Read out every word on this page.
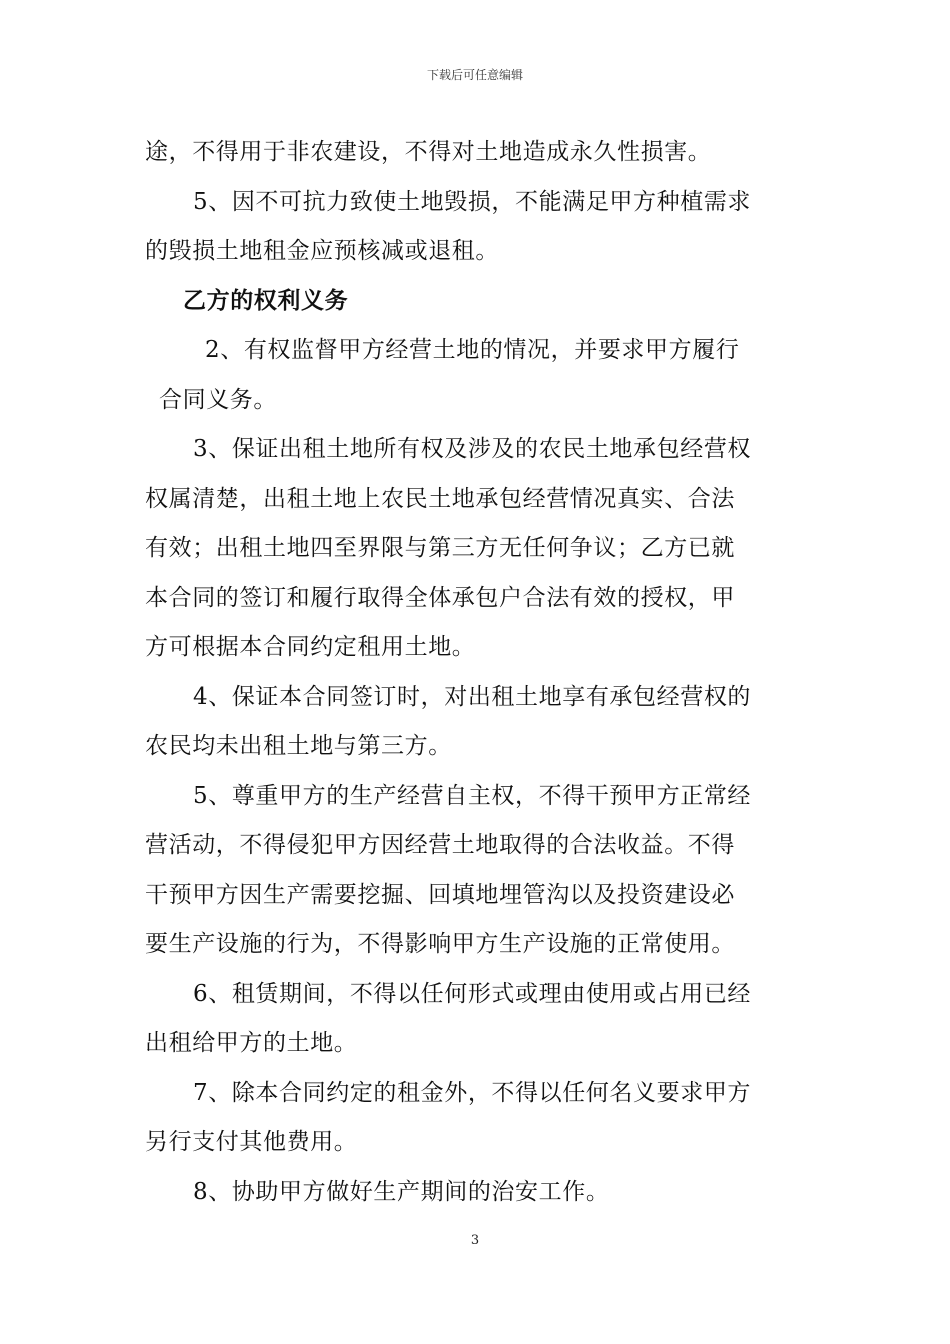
下载后可任意编辑
途，不得用于非农建设，不得对土地造成永久性损害。
5、因不可抗力致使土地毁损，不能满足甲方种植需求
的毁损土地租金应预核减或退租。
乙方的权利义务
2、有权监督甲方经营土地的情况，并要求甲方履行
合同义务。
3、保证出租土地所有权及涉及的农民土地承包经营权
权属清楚，出租土地上农民土地承包经营情况真实、合法
有效；出租土地四至界限与第三方无任何争议；乙方已就
本合同的签订和履行取得全体承包户合法有效的授权，甲
方可根据本合同约定租用土地。
4、保证本合同签订时，对出租土地享有承包经营权的
农民均未出租土地与第三方。
5、尊重甲方的生产经营自主权，不得干预甲方正常经
营活动，不得侵犯甲方因经营土地取得的合法收益。不得
干预甲方因生产需要挖掘、回填地埋管沟以及投资建设必
要生产设施的行为，不得影响甲方生产设施的正常使用。
6、租赁期间，不得以任何形式或理由使用或占用已经
出租给甲方的土地。
7、除本合同约定的租金外，不得以任何名义要求甲方
另行支付其他费用。
8、协助甲方做好生产期间的治安工作。
3
